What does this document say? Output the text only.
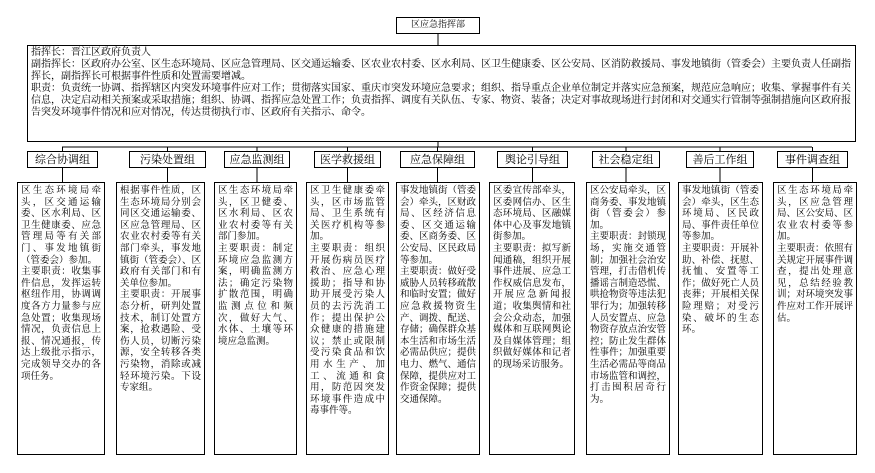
区应急指挥部

指挥长：晋江区政府负责人

副指挥长：区政府办公室、区生态环境局、区应急管理局、区交通运输委、区农业农村委、区水利局、区卫生健康委、区公安局、区消防救援局、事发地镇街（管委会）主要负责人任副指挥长，副指挥长可根据事件性质和处置需要增减。

职责：负责统一协调、指挥辖区内突发环境事件应对工作；贯彻落实国家、重庆市突发环境应急要求；组织、指导重点企业单位制定并落实应急预案，规范应急响应；收集、掌握事件有关信息，决定启动相关预案或采取措施；组织、协调、指挥应急处置工作；负责指挥、调度有关队伍、专家、物资、装备；决定对事故现场进行封闭和对交通实行管制等强制措施向区政府报告突发环境事件情况和应对情况，传达贯彻执行市、区政府有关指示、命令。

综合协调组

区生态环境局牵头，区交通运输委、区水利局、区卫生健康委、应急管理局等有关部门、事发地镇街（管委会）参加。

主要职责：收集事件信息，发挥运转枢纽作用，协调调度各方力量参与应急处置；收集现场情况，负责信息上报、情况通报，传达上级批示指示，完成领导交办的各项任务。

污染处置组

根据事件性质，区生态环境局分别会同区交通运输委、区应急管理局、区农业农村委等有关部门牵头，事发地镇街（管委会）、区政府有关部门和有关单位参加。

主要职责：开展事态分析，研判处置技术，制订处置方案，抢救遇险、受伤人员，切断污染源，安全转移各类污染物，消除或减轻环境污染。下设专家组。

应急监测组

区生态环境局牵头，区卫健委、区水利局、区农业农村委等有关部门参加。

主要职责：制定环境应急监测方案，明确监测方法；确定污染物扩散范围，明确监测点位和频次，做好大气、水体、土壤等环境应急监测。

医学救援组

区卫生健康委牵头，区市场监管局、卫生系统有关医疗机构等参加。

主要职责：组织开展伤病员医疗救治、应急心理援助；指导和协助开展受污染人员的去污洗消工作；提出保护公众健康的措施建议；禁止或限制受污染食品和饮用水生产、加工、流通和食用，防范因突发环境事件造成中毒事件等。

应急保障组

事发地镇街（管委会）牵头，区财政局、区经济信息委、区交通运输委、区商务委、区公安局、区民政局等参加。

主要职责：做好受威胁人员转移疏散和临时安置；做好应急救援物资生产、调拨、配送、存储；确保群众基本生活和市场生活必需品供应；提供电力、燃气、通信保障，提供应对工作资金保障；提供交通保障。

舆论引导组

区委宣传部牵头，区委网信办、区生态环境局、区融媒体中心及事发地镇街参加。

主要职责：拟写新闻通稿，组织开展事件进展、应急工作权威信息发布，开展应急新闻报道；收集舆情和社会公众动态，加强媒体和互联网舆论及自媒体管理；组织做好媒体和记者的现场采访服务。

社会稳定组

区公安局牵头，区商务委、事发地镇街（管委会）参加。

主要职责：封锁现场，实施交通管制；加强社会治安管理，打击借机传播谣言制造恐慌、哄抢物资等违法犯罪行为；加强转移人员安置点、应急物资存放点治安管控；防止发生群体性事件；加强重要生活必需品等商品市场监管和调控，打击囤积居奇行为。

善后工作组

事发地镇街（管委会）牵头，区生态环境局、区民政局、事件责任单位等参加。

主要职责：开展补助、补偿、抚慰、抚恤、安置等工作；做好死亡人员丧葬；开展相关保险理赔；对受污染、破坏的生态环。

事件调查组

区生态环境局牵头，区应急管理局、区公安局、区农业农村委等参加。

主要职责：依照有关规定开展事件调查，提出处理意见，总结经验教训；对环境突发事件应对工作开展评估。
